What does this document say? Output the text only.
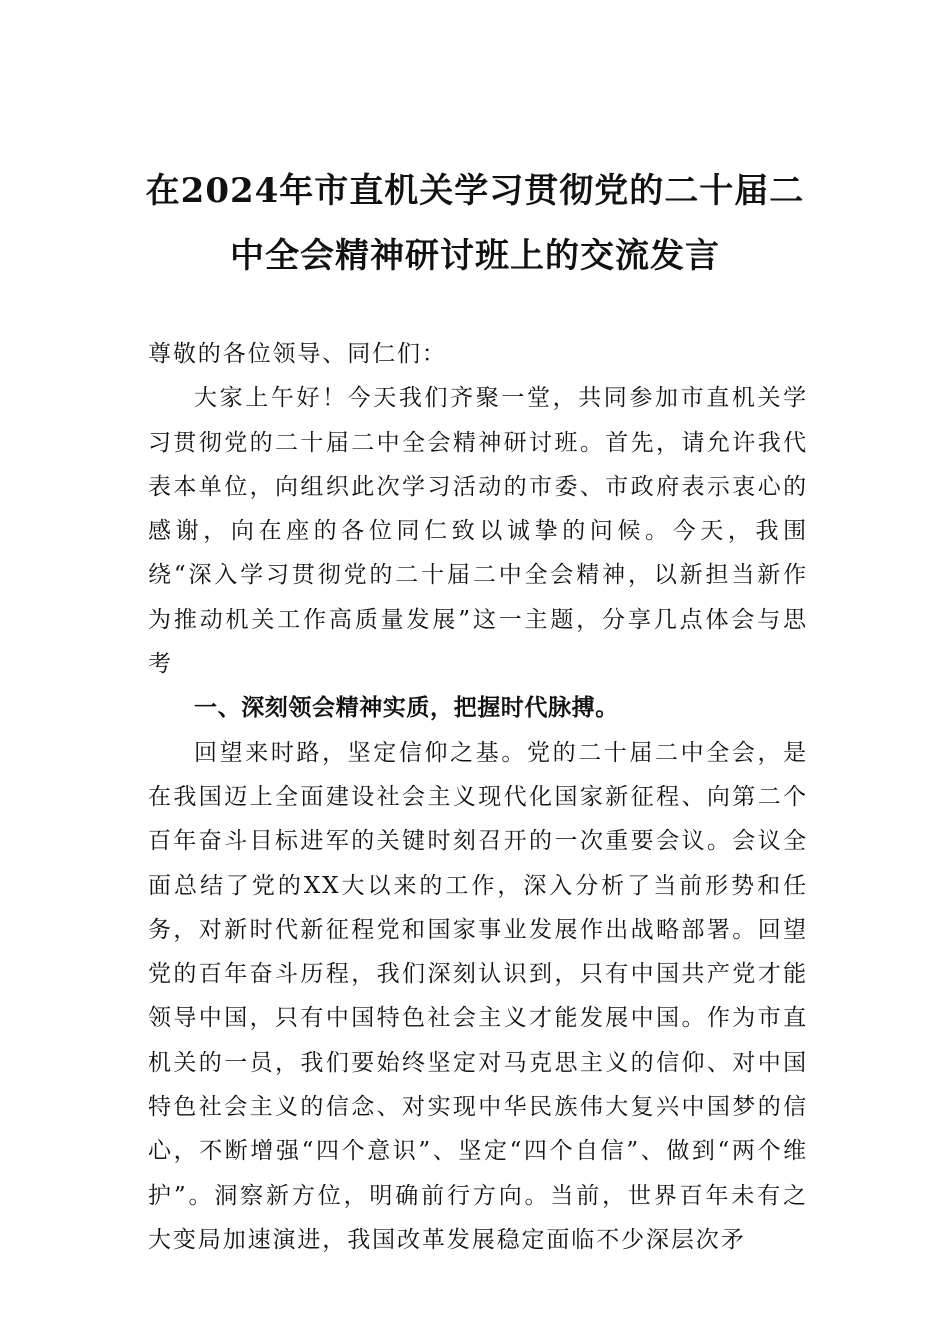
在2024年市直机关学习贯彻党的二十届二
中全会精神研讨班上的交流发言

尊敬的各位领导、同仁们：

大家上午好！今天我们齐聚一堂，共同参加市直机关学习贯彻党的二十届二中全会精神研讨班。首先，请允许我代表本单位，向组织此次学习活动的市委、市政府表示衷心的感谢，向在座的各位同仁致以诚挚的问候。今天，我围绕“深入学习贯彻党的二十届二中全会精神，以新担当新作为推动机关工作高质量发展”这一主题，分享几点体会与思考

一、深刻领会精神实质，把握时代脉搏。

回望来时路，坚定信仰之基。党的二十届二中全会，是在我国迈上全面建设社会主义现代化国家新征程、向第二个百年奋斗目标进军的关键时刻召开的一次重要会议。会议全面总结了党的XX大以来的工作，深入分析了当前形势和任务，对新时代新征程党和国家事业发展作出战略部署。回望党的百年奋斗历程，我们深刻认识到，只有中国共产党才能领导中国，只有中国特色社会主义才能发展中国。作为市直机关的一员，我们要始终坚定对马克思主义的信仰、对中国特色社会主义的信念、对实现中华民族伟大复兴中国梦的信心，不断增强“四个意识”、坚定“四个自信”、做到“两个维护”。洞察新方位，明确前行方向。当前，世界百年未有之大变局加速演进，我国改革发展稳定面临不少深层次矛
